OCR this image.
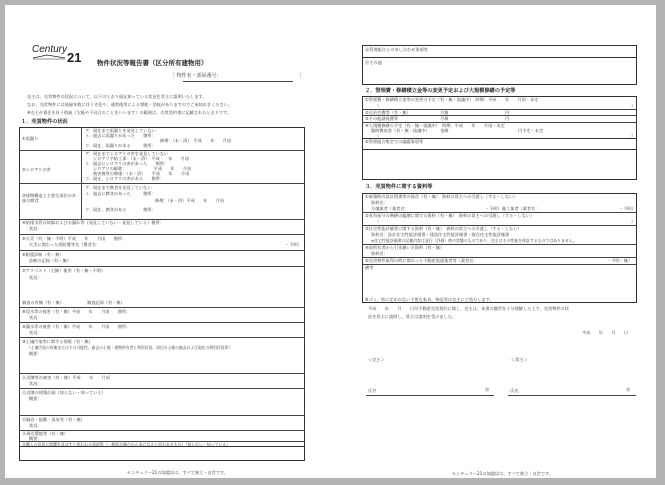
Century
21 物件状況等報告書（区分所有建物用）
［ 物件名・部屋番号：	］
売主は、売買物件の状況について、以下のとおり現在知っている状況を買主に説明いたします。
なお、売買物件には経過年数に伴う劣化や、通常使用による摩耗・消耗がありますのでご承知おきください。
※売主が責任を負う瑕疵（欠陥や不具合のことをいいます）の範囲は、売買契約書に記載されたとおりです。
１．売買物件の状況
①雨漏り
ア．現在まで雨漏りを発見していない
イ．過去に雨漏りがあった　　箇所：
修理：（未・済）　平成　　年　　月頃
ウ．現在、雨漏りがある　　　箇所：
②シロアリの害
ア．現在までシロアリの害を発見していない
シロアリ予防工事：（未・済）　平成　　年　　月頃
イ．過去にシロアリの害があった　　箇所：
シロアリの駆除：　　　　　　　平成　　年　　月頃
被害箇所の修復：（未・済）　　平成　　年　　月頃
ウ．現在、シロアリの害がある　　箇所：
③建物構造上主要な部位の木部の腐食
ア．現在まで腐食を発見していない
イ．過去に腐食があった　　　箇所：
修理：（未・済）平成　　年　　月頃
ウ．現在、腐食がある　　　　箇所：
④給排水管の故障および水漏れ等（発見していない・発見している）箇所：
状況：
⑤火災（有・無・不明）平成　　年　　月頃　　箇所：
火災に関わった消防署等名（署者名：	・不明）
⑥耐震診断（有・無）
診断の記録（有・無）
⑦アスベスト（石綿）使用（有・無・不明）
状況：
調査の有無（有・無）	調査記録（有・無）
⑧浸水等の被害（有・無）平成　　年　　月頃　　箇所：
状況：
⑨漏水等の被害（有・無）平成　　年　　月頃　　箇所：
状況：
⑩土壌汚染等に関する情報（有・無）
（土壌汚染の有無またはその可能性、過去の土地・建物所有者と利用状況、周辺の土地の過去および現在の利用状況等）
概要：
⑪近隣等の被害（有・無）平成　　年　　月頃
状況：
⑫近隣の建築計画（知らない・知っている）
概要：
⑬騒音・振動・臭気等（有・無）
状況：
⑭周辺環境等（有・無）
概要：
⑮購入の意思に影響を及ぼすと思われる事項等（一般的な観点から気になると思われるもの）（知らない・知っている）
センチュリー21の加盟店は、すべて独立・自営です。
⑯管理組合との申し合わせ事項等
⑰その他
２．管理費・修繕積立金等の変更予定および大規模修繕の予定等
①管理費・修繕積立金等の変更の予定（有・無・協議中）　時期：平成　　年　　月頃・未定
（	）
②自治会費等（有・無）	月額	円
③その他諸経費等	月額	円
④大規模修繕の予定（有・無・協議中）　時期：平成　　年　　月頃・未定
臨時徴収金（有・無・協議中）　　　金額：	円予定・未定
（	）
⑤管理組合集会での議題事項等
３．売買物件に関する資料等
①新築時の設計図書等の保存（有・無）　資料の買主への引渡し（する・しない）
資料名：
分譲業者（業者名：	・不明）施工業者（業者名：	・不明）
②専有部分の修繕の履歴に関する資料（有・無）　資料の買主への引渡し（する・しない）
（	）
③住宅性能評価等に関する資料（有・無）　資料の買主への引渡し（する・しない）
資料名：設計住宅性能評価書・建設住宅性能評価書・既存住宅性能評価書
※住宅性能評価書の記載内容は発行（評価）時の状態のものであり、売主はその性能を保証するものではありません。
④前所有者から引き継いだ資料（有・無）
資料名：
⑤売買物件取得の時に関わった不動産流通業者等（業者名：	・不明・無）
備考
※ゴミ、皆に定めのない不要な家具、物品等は売主にて処分します。
平成　　年　　月　　日付不動産売買契約に関し、売主は、本書の趣旨を十分理解した上で、売買物件の状
況を買主に説明し、買主は説明を受けました。
平成　　年　　月　　日
＜売主＞	＜買主＞
氏名	㊞	氏名	㊞
センチュリー21の加盟店は、すべて独立・自営です。
